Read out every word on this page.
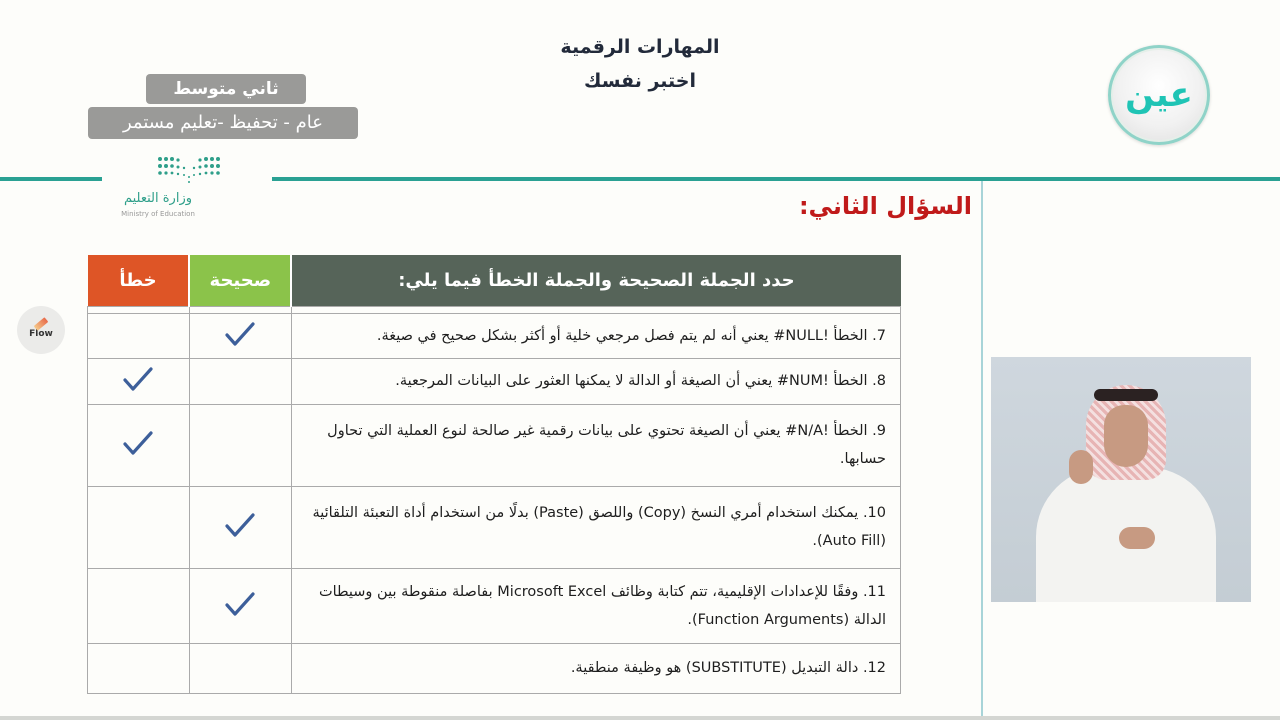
المهارات الرقمية
اختبر نفسك
ثاني متوسط
عام - تحفيظ -تعليم مستمر
وزارة التعليم
Ministry of Education
عين
Flow
السؤال الثاني:
خطأ	صحيحة	حدد الجملة الصحيحة والجملة الخطأ فيما يلي:

		7. الخطأ !NULL# يعني أنه لم يتم فصل مرجعي خلية أو أكثر بشكل صحيح في صيغة.
		8. الخطأ !NUM# يعني أن الصيغة أو الدالة لا يمكنها العثور على البيانات المرجعية.
		9. الخطأ !N/A# يعني أن الصيغة تحتوي على بيانات رقمية غير صالحة لنوع العملية التي تحاول حسابها.
		10. يمكنك استخدام أمري النسخ (Copy) واللصق (Paste) بدلًا من استخدام أداة التعبئة التلقائية (Auto Fill).
		11. وفقًا للإعدادات الإقليمية، تتم كتابة وظائف Microsoft Excel بفاصلة منقوطة بين وسيطات الدالة (Function Arguments).
		12. دالة التبديل (SUBSTITUTE) هو وظيفة منطقية.
